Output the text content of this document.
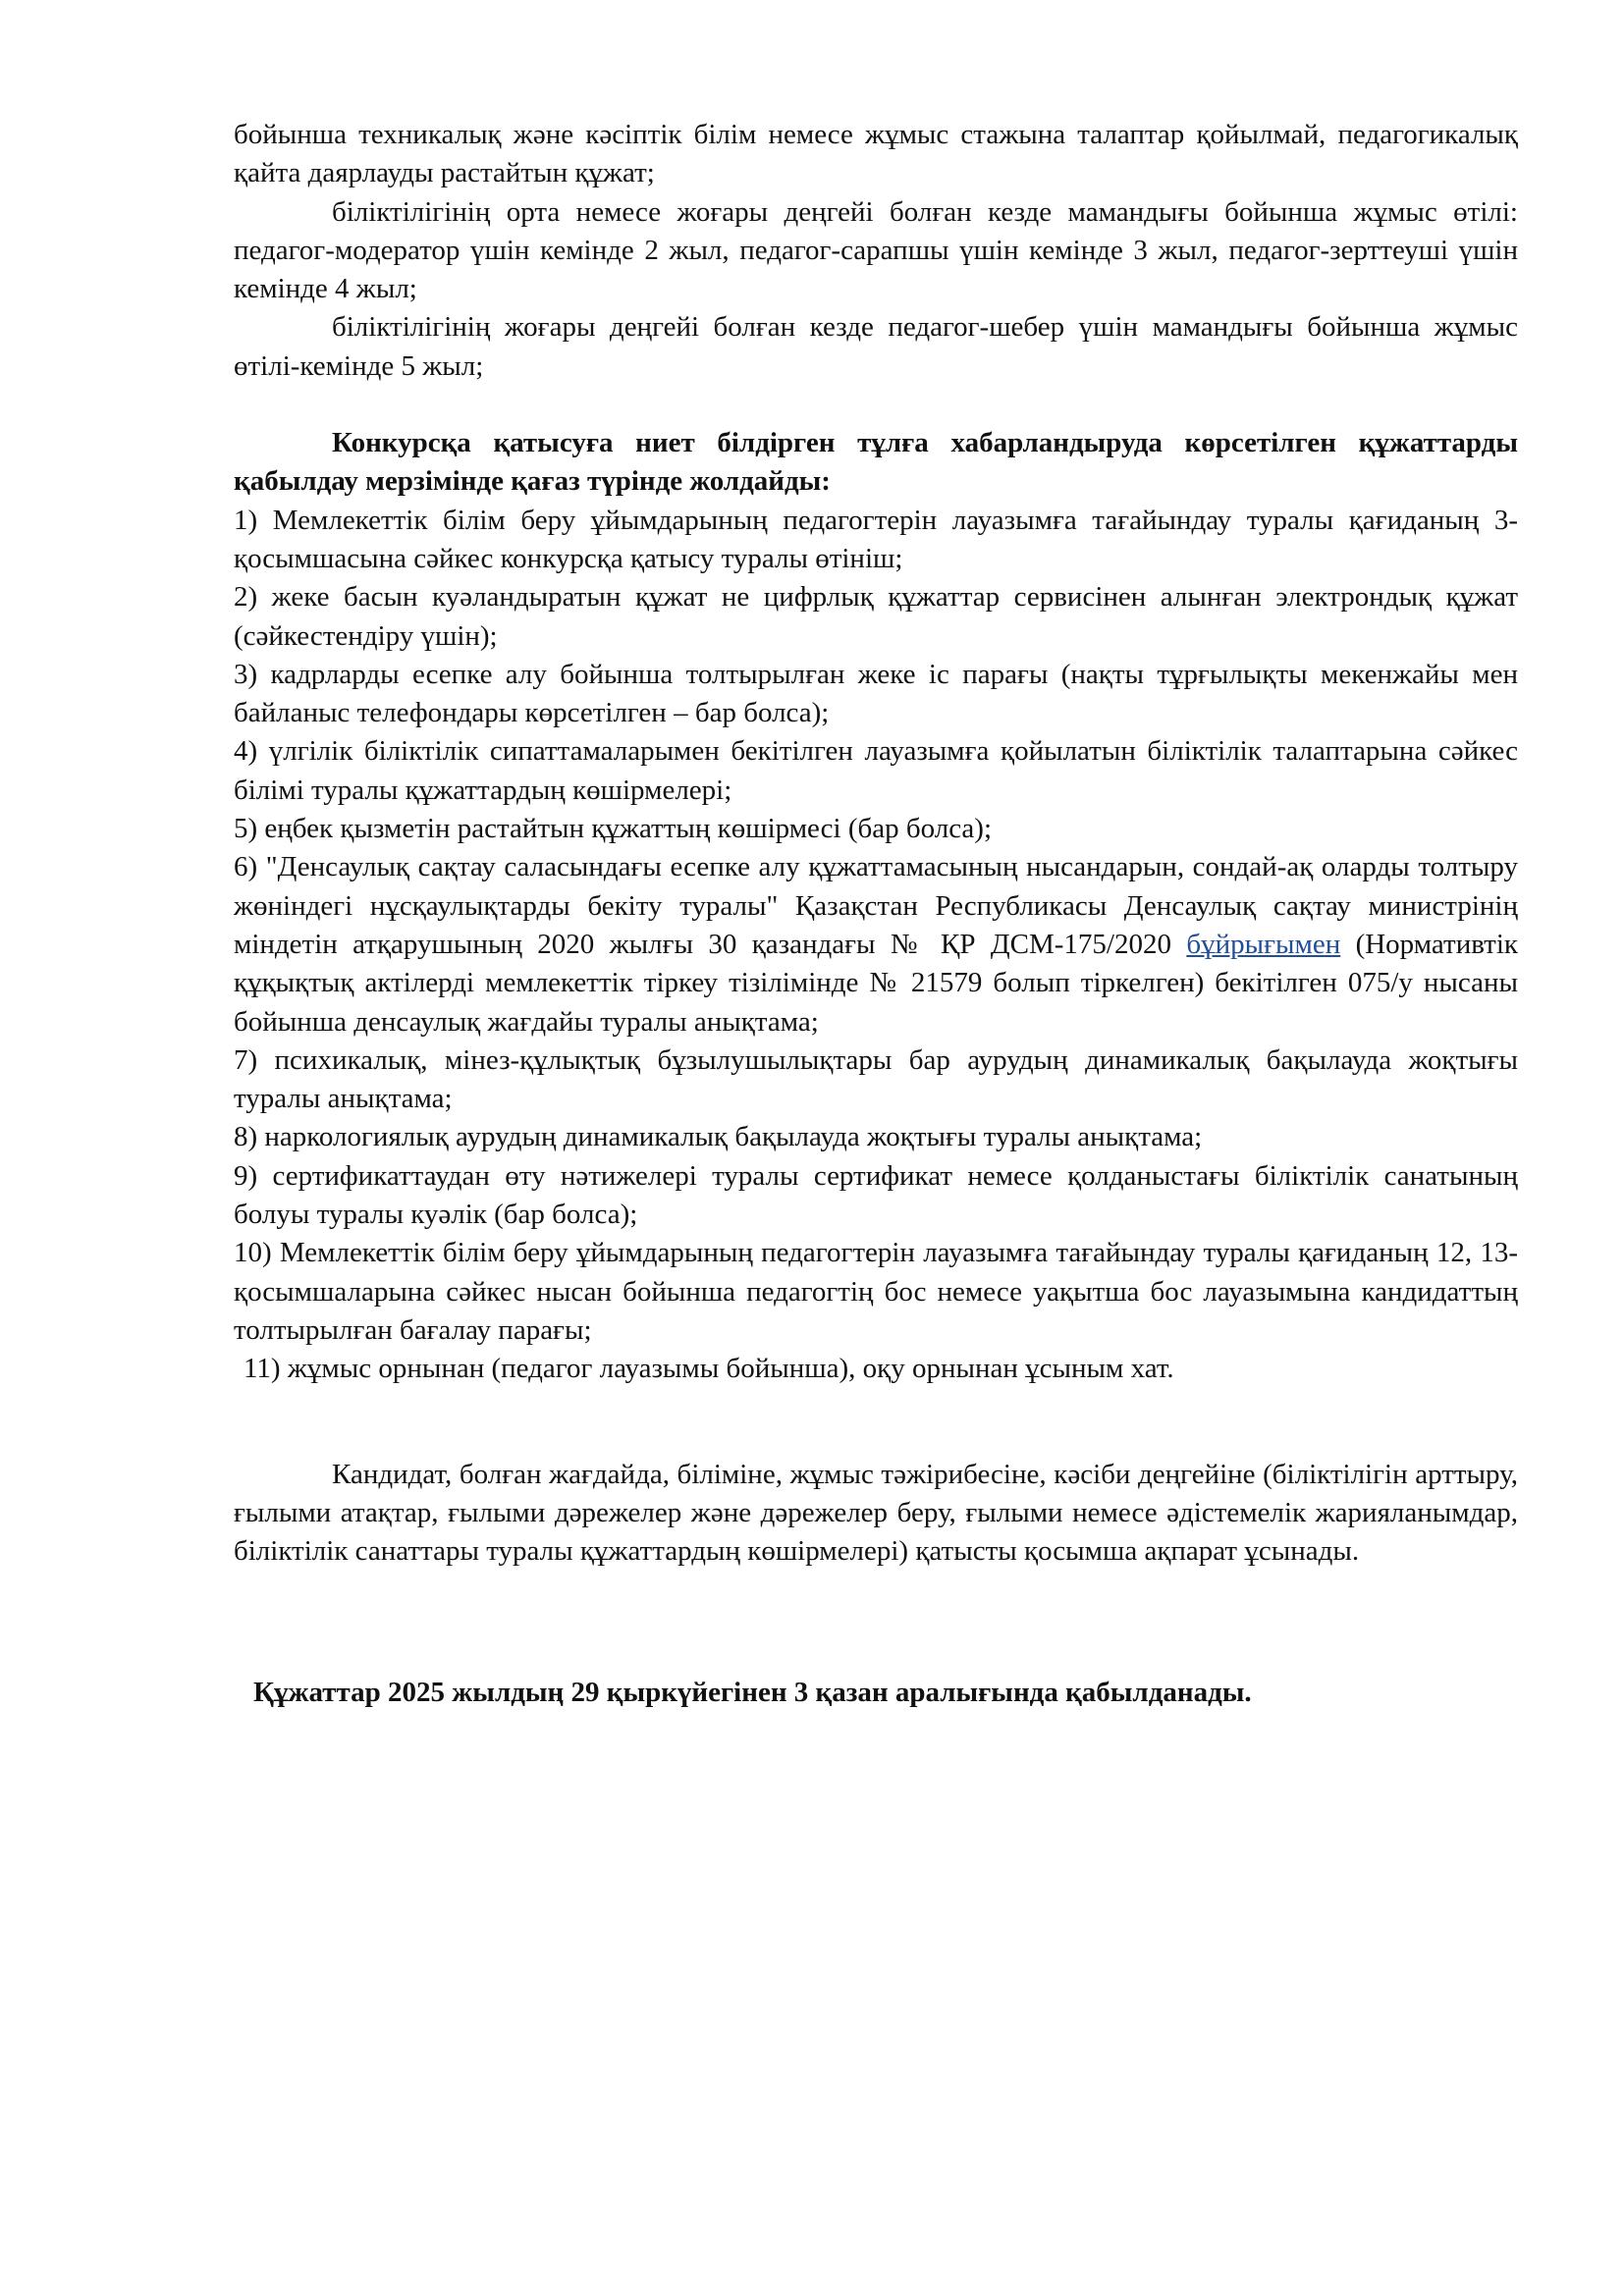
бойынша техникалық және кәсіптік білім немесе жұмыс стажына талаптар қойылмай, педагогикалық қайта даярлауды растайтын құжат;

біліктілігінің орта немесе жоғары деңгейі болған кезде мамандығы бойынша жұмыс өтілі: педагог-модератор үшін кемінде 2 жыл, педагог-сарапшы үшін кемінде 3 жыл, педагог-зерттеуші үшін кемінде 4 жыл;

біліктілігінің жоғары деңгейі болған кезде педагог-шебер үшін мамандығы бойынша жұмыс өтілі-кемінде 5 жыл;

Конкурсқа қатысуға ниет білдірген тұлға хабарландыруда көрсетілген құжаттарды қабылдау мерзімінде қағаз түрінде жолдайды:

1) Мемлекеттік білім беру ұйымдарының педагогтерін лауазымға тағайындау туралы қағиданың 3- қосымшасына сәйкес конкурсқа қатысу туралы өтініш;

2) жеке басын куәландыратын құжат не цифрлық құжаттар сервисінен алынған электрондық құжат (сәйкестендіру үшін);

3) кадрларды есепке алу бойынша толтырылған жеке іс парағы (нақты тұрғылықты мекенжайы мен байланыс телефондары көрсетілген – бар болса);

4) үлгілік біліктілік сипаттамаларымен бекітілген лауазымға қойылатын біліктілік талаптарына сәйкес білімі туралы құжаттардың көшірмелері;

5) еңбек қызметін растайтын құжаттың көшірмесі (бар болса);

6) "Денсаулық сақтау саласындағы есепке алу құжаттамасының нысандарын, сондай-ақ оларды толтыру жөніндегі нұсқаулықтарды бекіту туралы" Қазақстан Республикасы Денсаулық сақтау министрінің міндетін атқарушының 2020 жылғы 30 қазандағы № ҚР ДСМ-175/2020 бұйрығымен (Нормативтік құқықтық актілерді мемлекеттік тіркеу тізілімінде № 21579 болып тіркелген) бекітілген 075/у нысаны бойынша денсаулық жағдайы туралы анықтама;

7) психикалық, мінез-құлықтық бұзылушылықтары бар аурудың динамикалық бақылауда жоқтығы туралы анықтама;

8) наркологиялық аурудың динамикалық бақылауда жоқтығы туралы анықтама;

9) сертификаттаудан өту нәтижелері туралы сертификат немесе қолданыстағы біліктілік санатының болуы туралы куәлік (бар болса);

10) Мемлекеттік білім беру ұйымдарының педагогтерін лауазымға тағайындау туралы қағиданың 12, 13-қосымшаларына сәйкес нысан бойынша педагогтің бос немесе уақытша бос лауазымына кандидаттың толтырылған бағалау парағы;

11) жұмыс орнынан (педагог лауазымы бойынша), оқу орнынан ұсыным хат.

Кандидат, болған жағдайда, біліміне, жұмыс тәжірибесіне, кәсіби деңгейіне (біліктілігін арттыру, ғылыми атақтар, ғылыми дәрежелер және дәрежелер беру, ғылыми немесе әдістемелік жарияланымдар, біліктілік санаттары туралы құжаттардың көшірмелері) қатысты қосымша ақпарат ұсынады.

Құжаттар 2025 жылдың 29 қыркүйегінен 3 қазан аралығында қабылданады.
